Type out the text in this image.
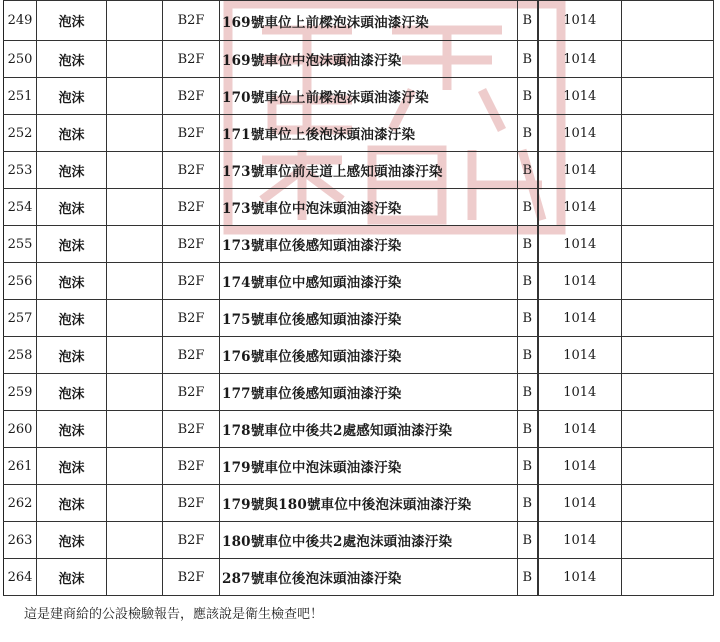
249	泡沫		B2F	169號車位上前樑泡沫頭油漆汙染	B	1014	
250	泡沫		B2F	169號車位中泡沫頭油漆汙染	B	1014	
251	泡沫		B2F	170號車位上前樑泡沫頭油漆汙染	B	1014	
252	泡沫		B2F	171號車位上後泡沫頭油漆汙染	B	1014	
253	泡沫		B2F	173號車位前走道上感知頭油漆汙染	B	1014	
254	泡沫		B2F	173號車位中泡沫頭油漆汙染	B	1014	
255	泡沫		B2F	173號車位後感知頭油漆汙染	B	1014	
256	泡沫		B2F	174號車位中感知頭油漆汙染	B	1014	
257	泡沫		B2F	175號車位後感知頭油漆汙染	B	1014	
258	泡沫		B2F	176號車位後感知頭油漆汙染	B	1014	
259	泡沫		B2F	177號車位後感知頭油漆汙染	B	1014	
260	泡沫		B2F	178號車位中後共2處感知頭油漆汙染	B	1014	
261	泡沫		B2F	179號車位中泡沫頭油漆汙染	B	1014	
262	泡沫		B2F	179號與180號車位中後泡沫頭油漆汙染	B	1014	
263	泡沫		B2F	180號車位中後共2處泡沫頭油漆汙染	B	1014	
264	泡沫		B2F	287號車位後泡沫頭油漆汙染	B	1014	
這是建商給的公設檢驗報告，應該說是衛生檢查吧！
